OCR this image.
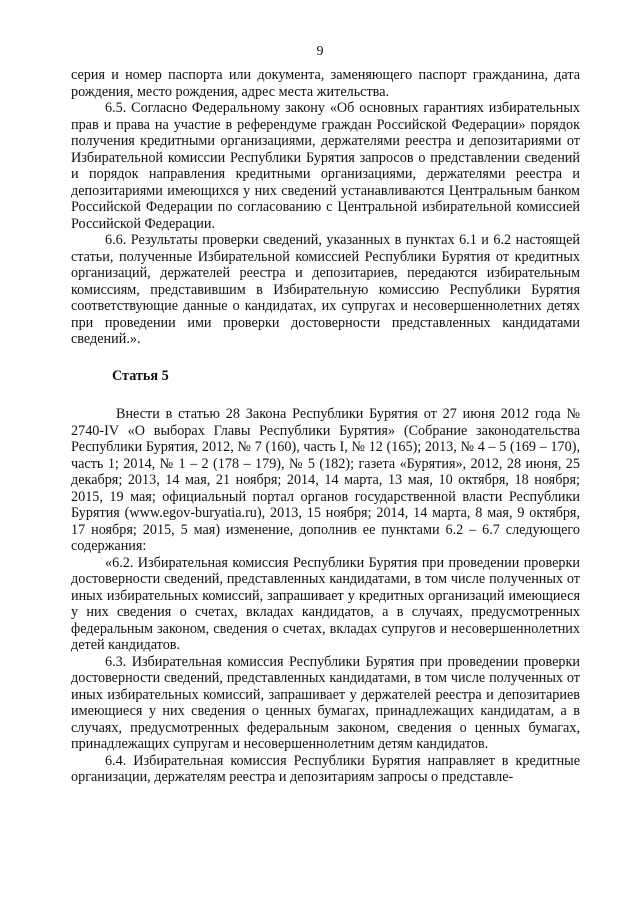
9

серия и номер паспорта или документа, заменяющего паспорт гражданина, дата рождения, место рождения, адрес места жительства.

6.5. Согласно Федеральному закону «Об основных гарантиях избирательных прав и права на участие в референдуме граждан Российской Федерации» порядок получения кредитными организациями, держателями реестра и депозитариями от Избирательной комиссии Республики Бурятия запросов о представлении сведений и порядок направления кредитными организациями, держателями реестра и депозитариями имеющихся у них сведений устанавливаются Центральным банком Российской Федерации по согласованию с Центральной избирательной комиссией Российской Федерации.

6.6. Результаты проверки сведений, указанных в пунктах 6.1 и 6.2 настоящей статьи, полученные Избирательной комиссией Республики Бурятия от кредитных организаций, держателей реестра и депозитариев, передаются избирательным комиссиям, представившим в Избирательную комиссию Республики Бурятия соответствующие данные о кандидатах, их супругах и несовершеннолетних детях при проведении ими проверки достоверности представленных кандидатами сведений.».

Статья 5

Внести в статью 28 Закона Республики Бурятия от 27 июня 2012 года № 2740-IV «О выборах Главы Республики Бурятия» (Собрание законодательства Республики Бурятия, 2012, № 7 (160), часть I, № 12 (165); 2013, № 4 – 5 (169 – 170), часть 1; 2014, № 1 – 2 (178 – 179), № 5 (182); газета «Бурятия», 2012, 28 июня, 25 декабря; 2013, 14 мая, 21 ноября; 2014, 14 марта, 13 мая, 10 октября, 18 ноября; 2015, 19 мая; официальный портал органов государственной власти Республики Бурятия (www.egov-buryatia.ru), 2013, 15 ноября; 2014, 14 марта, 8 мая, 9 октября, 17 ноября; 2015, 5 мая) изменение, дополнив ее пунктами 6.2 – 6.7 следующего содержания:

«6.2. Избирательная комиссия Республики Бурятия при проведении проверки достоверности сведений, представленных кандидатами, в том числе полученных от иных избирательных комиссий, запрашивает у кредитных организаций имеющиеся у них сведения о счетах, вкладах кандидатов, а в случаях, предусмотренных федеральным законом, сведения о счетах, вкладах супругов и несовершеннолетних детей кандидатов.

6.3. Избирательная комиссия Республики Бурятия при проведении проверки достоверности сведений, представленных кандидатами, в том числе полученных от иных избирательных комиссий, запрашивает у держателей реестра и депозитариев имеющиеся у них сведения о ценных бумагах, принадлежащих кандидатам, а в случаях, предусмотренных федеральным законом, сведения о ценных бумагах, принадлежащих супругам и несовершеннолетним детям кандидатов.

6.4. Избирательная комиссия Республики Бурятия направляет в кредитные организации, держателям реестра и депозитариям запросы о представле-
